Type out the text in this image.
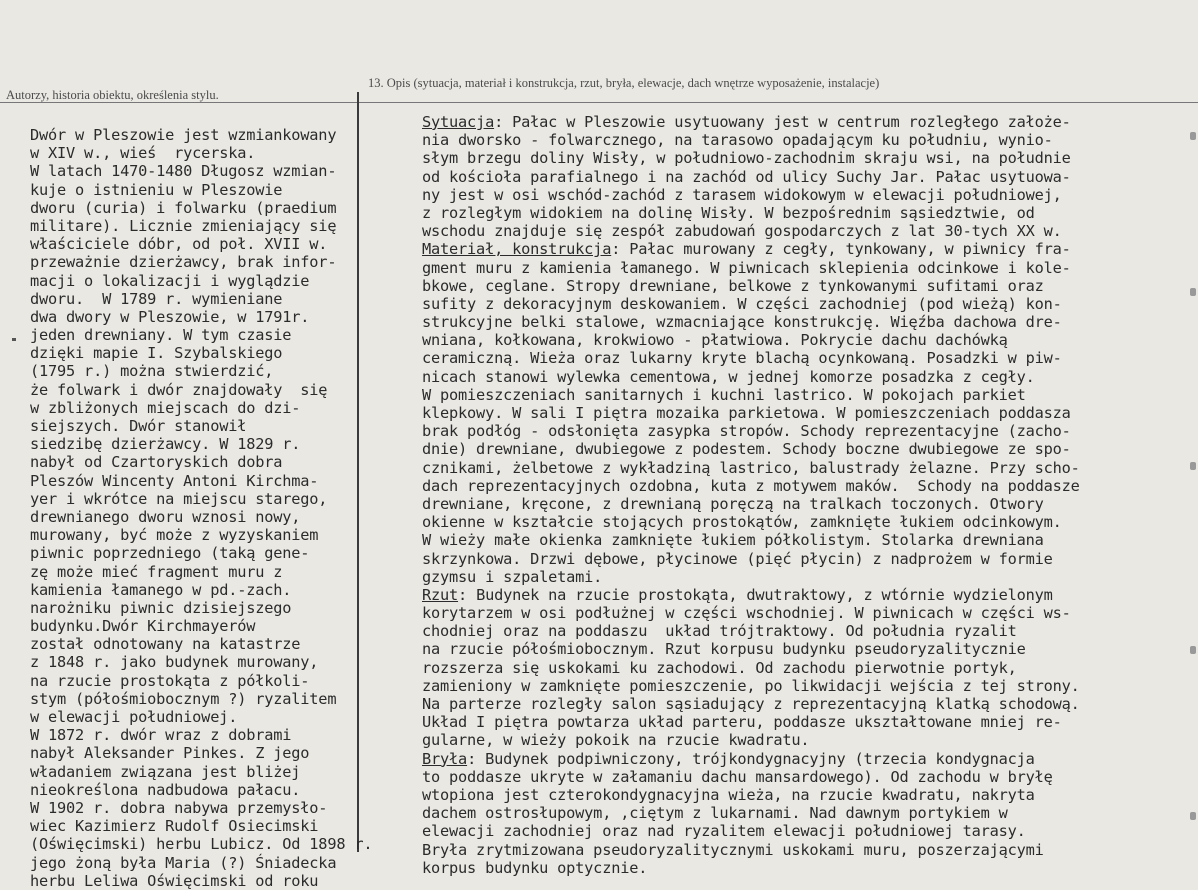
Autorzy, historia obiektu, określenia stylu.
13. Opis (sytuacja, materiał i konstrukcja, rzut, bryła, elewacje, dach wnętrze wyposażenie, instalacje)
Dwór w Pleszowie jest wzmiankowany
w XIV w., wieś  rycerska.
W latach 1470-1480 Długosz wzmian-
kuje o istnieniu w Pleszowie
dworu (curia) i folwarku (praedium
militare). Licznie zmieniający się
właściciele dóbr, od poł. XVII w.
przeważnie dzierżawcy, brak infor-
macji o lokalizacji i wyglądzie
dworu.  W 1789 r. wymieniane
dwa dwory w Pleszowie, w 1791r.
jeden drewniany. W tym czasie
dzięki mapie I. Szybalskiego
(1795 r.) można stwierdzić,
że folwark i dwór znajdowały  się
w zbliżonych miejscach do dzi-
siejszych. Dwór stanowił
siedzibę dzierżawcy. W 1829 r.
nabył od Czartoryskich dobra
Pleszów Wincenty Antoni Kirchma-
yer i wkrótce na miejscu starego,
drewnianego dworu wznosi nowy,
murowany, być może z wyzyskaniem
piwnic poprzedniego (taką gene-
zę może mieć fragment muru z
kamienia łamanego w pd.-zach.
narożniku piwnic dzisiejszego
budynku.Dwór Kirchmayerów
został odnotowany na katastrze
z 1848 r. jako budynek murowany,
na rzucie prostokąta z półkoli-
stym (półośmiobocznym ?) ryzalitem
w elewacji południowej.
W 1872 r. dwór wraz z dobrami
nabył Aleksander Pinkes. Z jego
władaniem związana jest bliżej
nieokreślona nadbudowa pałacu.
W 1902 r. dobra nabywa przemysło-
wiec Kazimierz Rudolf Osiecimski
(Oświęcimski) herbu Lubicz. Od 1898 r.
jego żoną była Maria (?) Śniadecka
herbu Leliwa Oświęcimski od roku
Sytuacja: Pałac w Pleszowie usytuowany jest w centrum rozległego założe-
nia dworsko - folwarcznego, na tarasowo opadającym ku południu, wynio-
słym brzegu doliny Wisły, w południowo-zachodnim skraju wsi, na południe
od kościoła parafialnego i na zachód od ulicy Suchy Jar. Pałac usytuowa-
ny jest w osi wschód-zachód z tarasem widokowym w elewacji południowej,
z rozległym widokiem na dolinę Wisły. W bezpośrednim sąsiedztwie, od
wschodu znajduje się zespół zabudowań gospodarczych z lat 30-tych XX w.
Materiał, konstrukcja: Pałac murowany z cegły, tynkowany, w piwnicy fra-
gment muru z kamienia łamanego. W piwnicach sklepienia odcinkowe i kole-
bkowe, ceglane. Stropy drewniane, belkowe z tynkowanymi sufitami oraz
sufity z dekoracyjnym deskowaniem. W części zachodniej (pod wieżą) kon-
strukcyjne belki stalowe, wzmacniające konstrukcję. Więźba dachowa dre-
wniana, kołkowana, krokwiowo - płatwiowa. Pokrycie dachu dachówką
ceramiczną. Wieża oraz lukarny kryte blachą ocynkowaną. Posadzki w piw-
nicach stanowi wylewka cementowa, w jednej komorze posadzka z cegły.
W pomieszczeniach sanitarnych i kuchni lastrico. W pokojach parkiet
klepkowy. W sali I piętra mozaika parkietowa. W pomieszczeniach poddasza
brak podłóg - odsłonięta zasypka stropów. Schody reprezentacyjne (zacho-
dnie) drewniane, dwubiegowe z podestem. Schody boczne dwubiegowe ze spo-
cznikami, żelbetowe z wykładziną lastrico, balustrady żelazne. Przy scho-
dach reprezentacyjnych ozdobna, kuta z motywem maków.  Schody na poddasze
drewniane, kręcone, z drewnianą poręczą na tralkach toczonych. Otwory
okienne w kształcie stojących prostokątów, zamknięte łukiem odcinkowym.
W wieży małe okienka zamknięte łukiem półkolistym. Stolarka drewniana
skrzynkowa. Drzwi dębowe, płycinowe (pięć płycin) z nadprożem w formie
gzymsu i szpaletami.
Rzut: Budynek na rzucie prostokąta, dwutraktowy, z wtórnie wydzielonym
korytarzem w osi podłużnej w części wschodniej. W piwnicach w części ws-
chodniej oraz na poddaszu  układ trójtraktowy. Od południa ryzalit
na rzucie półośmiobocznym. Rzut korpusu budynku pseudoryzalitycznie
rozszerza się uskokami ku zachodowi. Od zachodu pierwotnie portyk,
zamieniony w zamknięte pomieszczenie, po likwidacji wejścia z tej strony.
Na parterze rozległy salon sąsiadujący z reprezentacyjną klatką schodową.
Układ I piętra powtarza układ parteru, poddasze ukształtowane mniej re-
gularne, w wieży pokoik na rzucie kwadratu.
Bryła: Budynek podpiwniczony, trójkondygnacyjny (trzecia kondygnacja
to poddasze ukryte w załamaniu dachu mansardowego). Od zachodu w bryłę
wtopiona jest czterokondygnacyjna wieża, na rzucie kwadratu, nakryta
dachem ostrosłupowym, ,ciętym z lukarnami. Nad dawnym portykiem w
elewacji zachodniej oraz nad ryzalitem elewacji południowej tarasy.
Bryła zrytmizowana pseudoryzalitycznymi uskokami muru, poszerzającymi
korpus budynku optycznie.
